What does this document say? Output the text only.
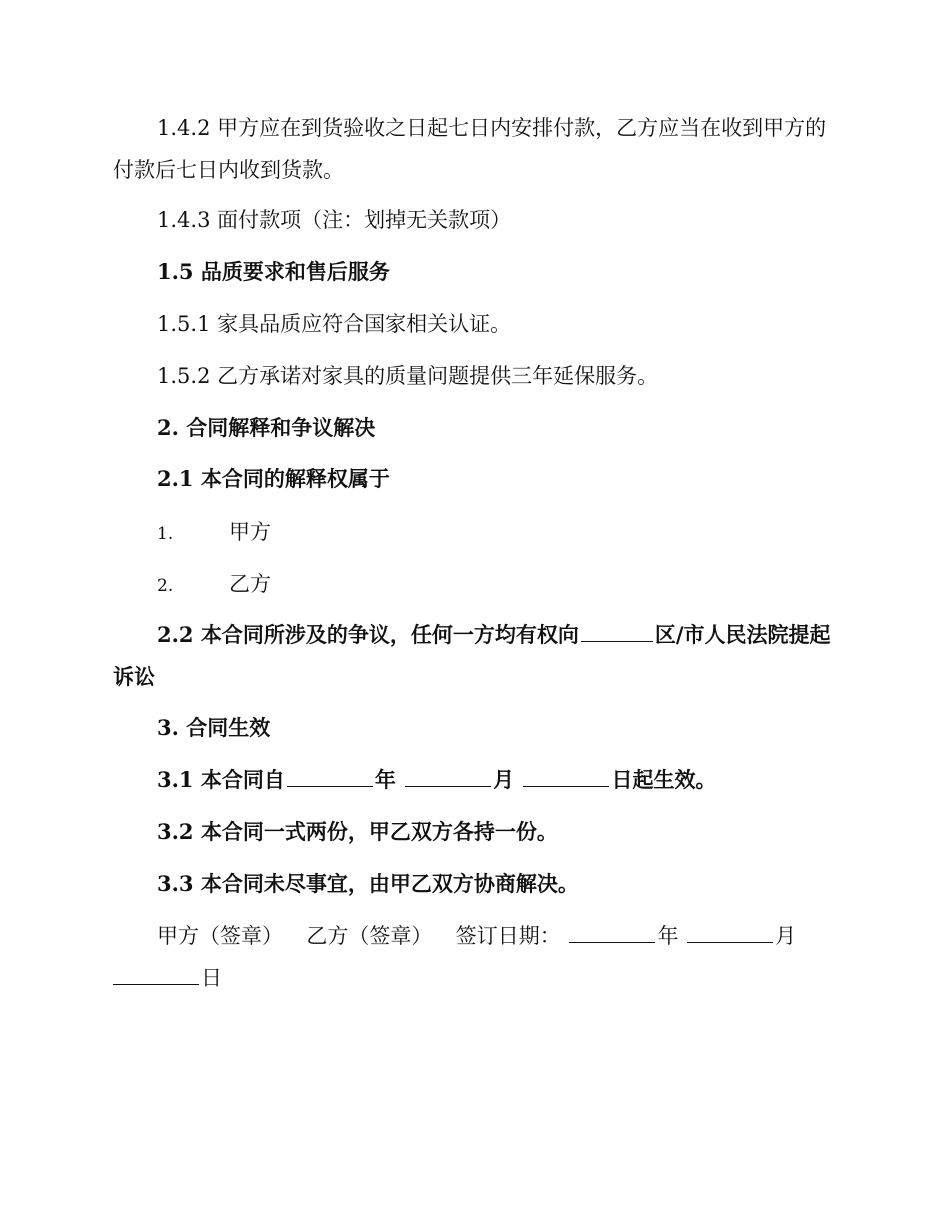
1.4.2 甲方应在到货验收之日起七日内安排付款，乙方应当在收到甲方的
付款后七日内收到货款。
1.4.3 面付款项（注：划掉无关款项）
1.5 品质要求和售后服务
1.5.1 家具品质应符合国家相关认证。
1.5.2 乙方承诺对家具的质量问题提供三年延保服务。
2. 合同解释和争议解决
2.1 本合同的解释权属于
1.	甲方
2.	乙方
2.2 本合同所涉及的争议，任何一方均有权向	区/市人民法院提起
诉讼
3. 合同生效
3.1 本合同自	年	月	日起生效。
3.2 本合同一式两份，甲乙双方各持一份。
3.3 本合同未尽事宜，由甲乙双方协商解决。
甲方（签章） 乙方（签章） 签订日期：	年	月
日
